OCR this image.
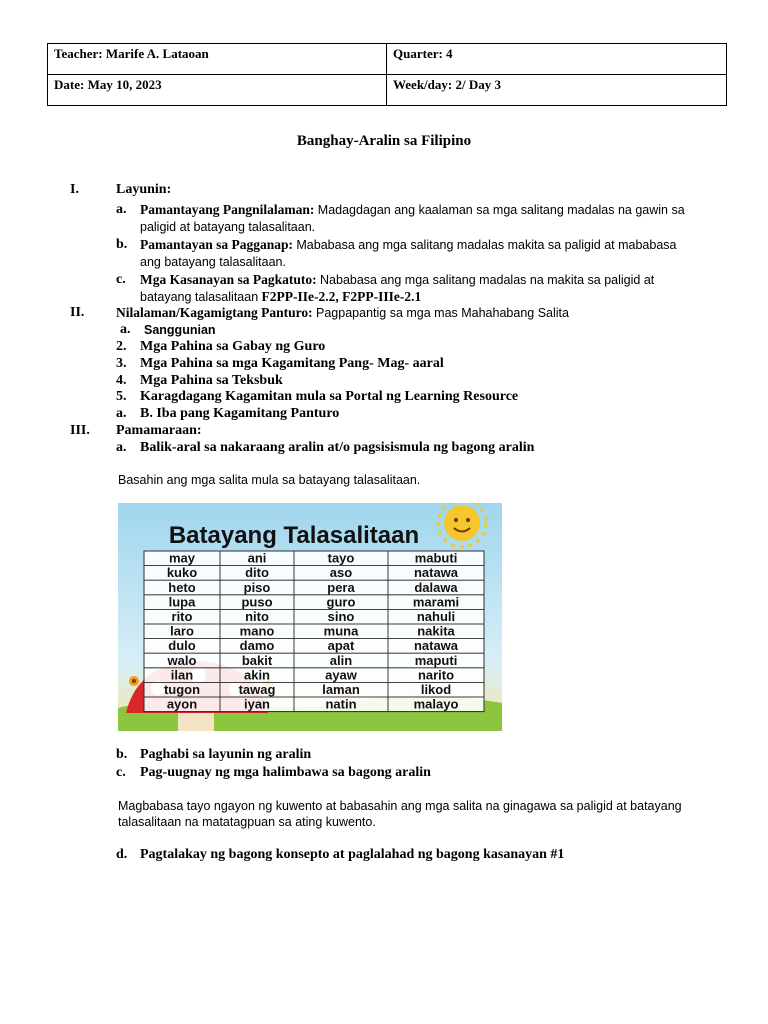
Teacher: Marife A. Lataoan	Quarter: 4
Date: May 10, 2023	Week/day: 2/ Day 3
Banghay-Aralin sa Filipino
I.	Layunin:
a. Pamantayang Pangnilalaman: Madagdagan ang kaalaman sa mga salitang madalas na gawin sa
paligid at batayang talasalitaan.
b. Pamantayan sa Pagganap: Mababasa ang mga salitang madalas makita sa paligid at mababasa
ang batayang talasalitaan.
c. Mga Kasanayan sa Pagkatuto: Nababasa ang mga salitang madalas na makita sa paligid at
batayang talasalitaan F2PP-IIe-2.2, F2PP-IIIe-2.1
II. Nilalaman/Kagamigtang Panturo: Pagpapantig sa mga mas Mahahabang Salita
a. Sanggunian
2. Mga Pahina sa Gabay ng Guro
3. Mga Pahina sa mga Kagamitang Pang- Mag- aaral
4. Mga Pahina sa Teksbuk
5. Karagdagang Kagamitan mula sa Portal ng Learning Resource
a. B. Iba pang Kagamitang Panturo
III. Pamamaraan:
a. Balik-aral sa nakaraang aralin at/o pagsisismula ng bagong aralin
Basahin ang mga salita mula sa batayang talasalitaan.
Batayang Talasalitaan
may	ani	tayo	mabuti
kuko	dito	aso	natawa
heto	piso	pera	dalawa
lupa	puso	guro	marami
rito	nito	sino	nahuli
laro	mano	muna	nakita
dulo	damo	apat	natawa
walo	bakit	alin	maputi
ilan	akin	ayaw	narito
tugon	tawag	laman	likod
ayon	iyan	natin	malayo
b. Paghabi sa layunin ng aralin
c. Pag-uugnay ng mga halimbawa sa bagong aralin
Magbabasa tayo ngayon ng kuwento at babasahin ang mga salita na ginagawa sa paligid at batayang
talasalitaan na matatagpuan sa ating kuwento.
d. Pagtalakay ng bagong konsepto at paglalahad ng bagong kasanayan #1
